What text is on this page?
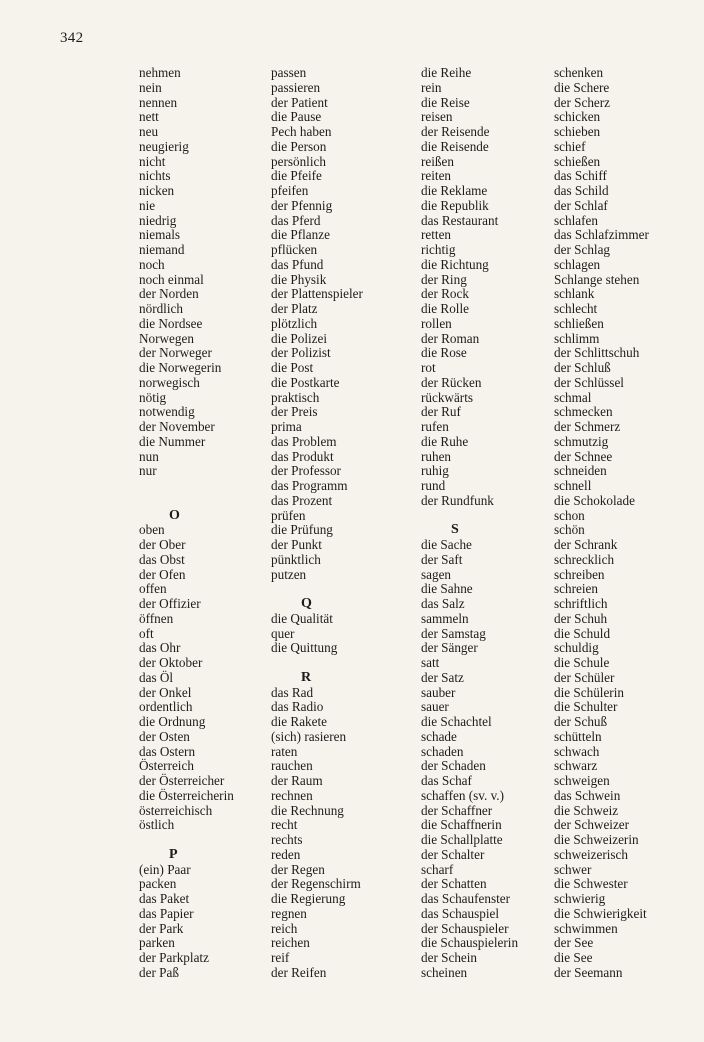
342
nehmen
nein
nennen
nett
neu
neugierig
nicht
nichts
nicken
nie
niedrig
niemals
niemand
noch
noch einmal
der Norden
nördlich
die Nordsee
Norwegen
der Norweger
die Norwegerin
norwegisch
nötig
notwendig
der November
die Nummer
nun
nur
O
oben
der Ober
das Obst
der Ofen
offen
der Offizier
öffnen
oft
das Ohr
der Oktober
das Öl
der Onkel
ordentlich
die Ordnung
der Osten
das Ostern
Österreich
der Österreicher
die Österreicherin
österreichisch
östlich
P
(ein) Paar
packen
das Paket
das Papier
der Park
parken
der Parkplatz
der Paß
passen
passieren
der Patient
die Pause
Pech haben
die Person
persönlich
die Pfeife
pfeifen
der Pfennig
das Pferd
die Pflanze
pflücken
das Pfund
die Physik
der Plattenspieler
der Platz
plötzlich
die Polizei
der Polizist
die Post
die Postkarte
praktisch
der Preis
prima
das Problem
das Produkt
der Professor
das Programm
das Prozent
prüfen
die Prüfung
der Punkt
pünktlich
putzen
Q
die Qualität
quer
die Quittung
R
das Rad
das Radio
die Rakete
(sich) rasieren
raten
rauchen
der Raum
rechnen
die Rechnung
recht
rechts
reden
der Regen
der Regenschirm
die Regierung
regnen
reich
reichen
reif
der Reifen
die Reihe
rein
die Reise
reisen
der Reisende
die Reisende
reißen
reiten
die Reklame
die Republik
das Restaurant
retten
richtig
die Richtung
der Ring
der Rock
die Rolle
rollen
der Roman
die Rose
rot
der Rücken
rückwärts
der Ruf
rufen
die Ruhe
ruhen
ruhig
rund
der Rundfunk
S
die Sache
der Saft
sagen
die Sahne
das Salz
sammeln
der Samstag
der Sänger
satt
der Satz
sauber
sauer
die Schachtel
schade
schaden
der Schaden
das Schaf
schaffen (sv. v.)
der Schaffner
die Schaffnerin
die Schallplatte
der Schalter
scharf
der Schatten
das Schaufenster
das Schauspiel
der Schauspieler
die Schauspielerin
der Schein
scheinen
schenken
die Schere
der Scherz
schicken
schieben
schief
schießen
das Schiff
das Schild
der Schlaf
schlafen
das Schlafzimmer
der Schlag
schlagen
Schlange stehen
schlank
schlecht
schließen
schlimm
der Schlittschuh
der Schluß
der Schlüssel
schmal
schmecken
der Schmerz
schmutzig
der Schnee
schneiden
schnell
die Schokolade
schon
schön
der Schrank
schrecklich
schreiben
schreien
schriftlich
der Schuh
die Schuld
schuldig
die Schule
der Schüler
die Schülerin
die Schulter
der Schuß
schütteln
schwach
schwarz
schweigen
das Schwein
die Schweiz
der Schweizer
die Schweizerin
schweizerisch
schwer
die Schwester
schwierig
die Schwierigkeit
schwimmen
der See
die See
der Seemann
